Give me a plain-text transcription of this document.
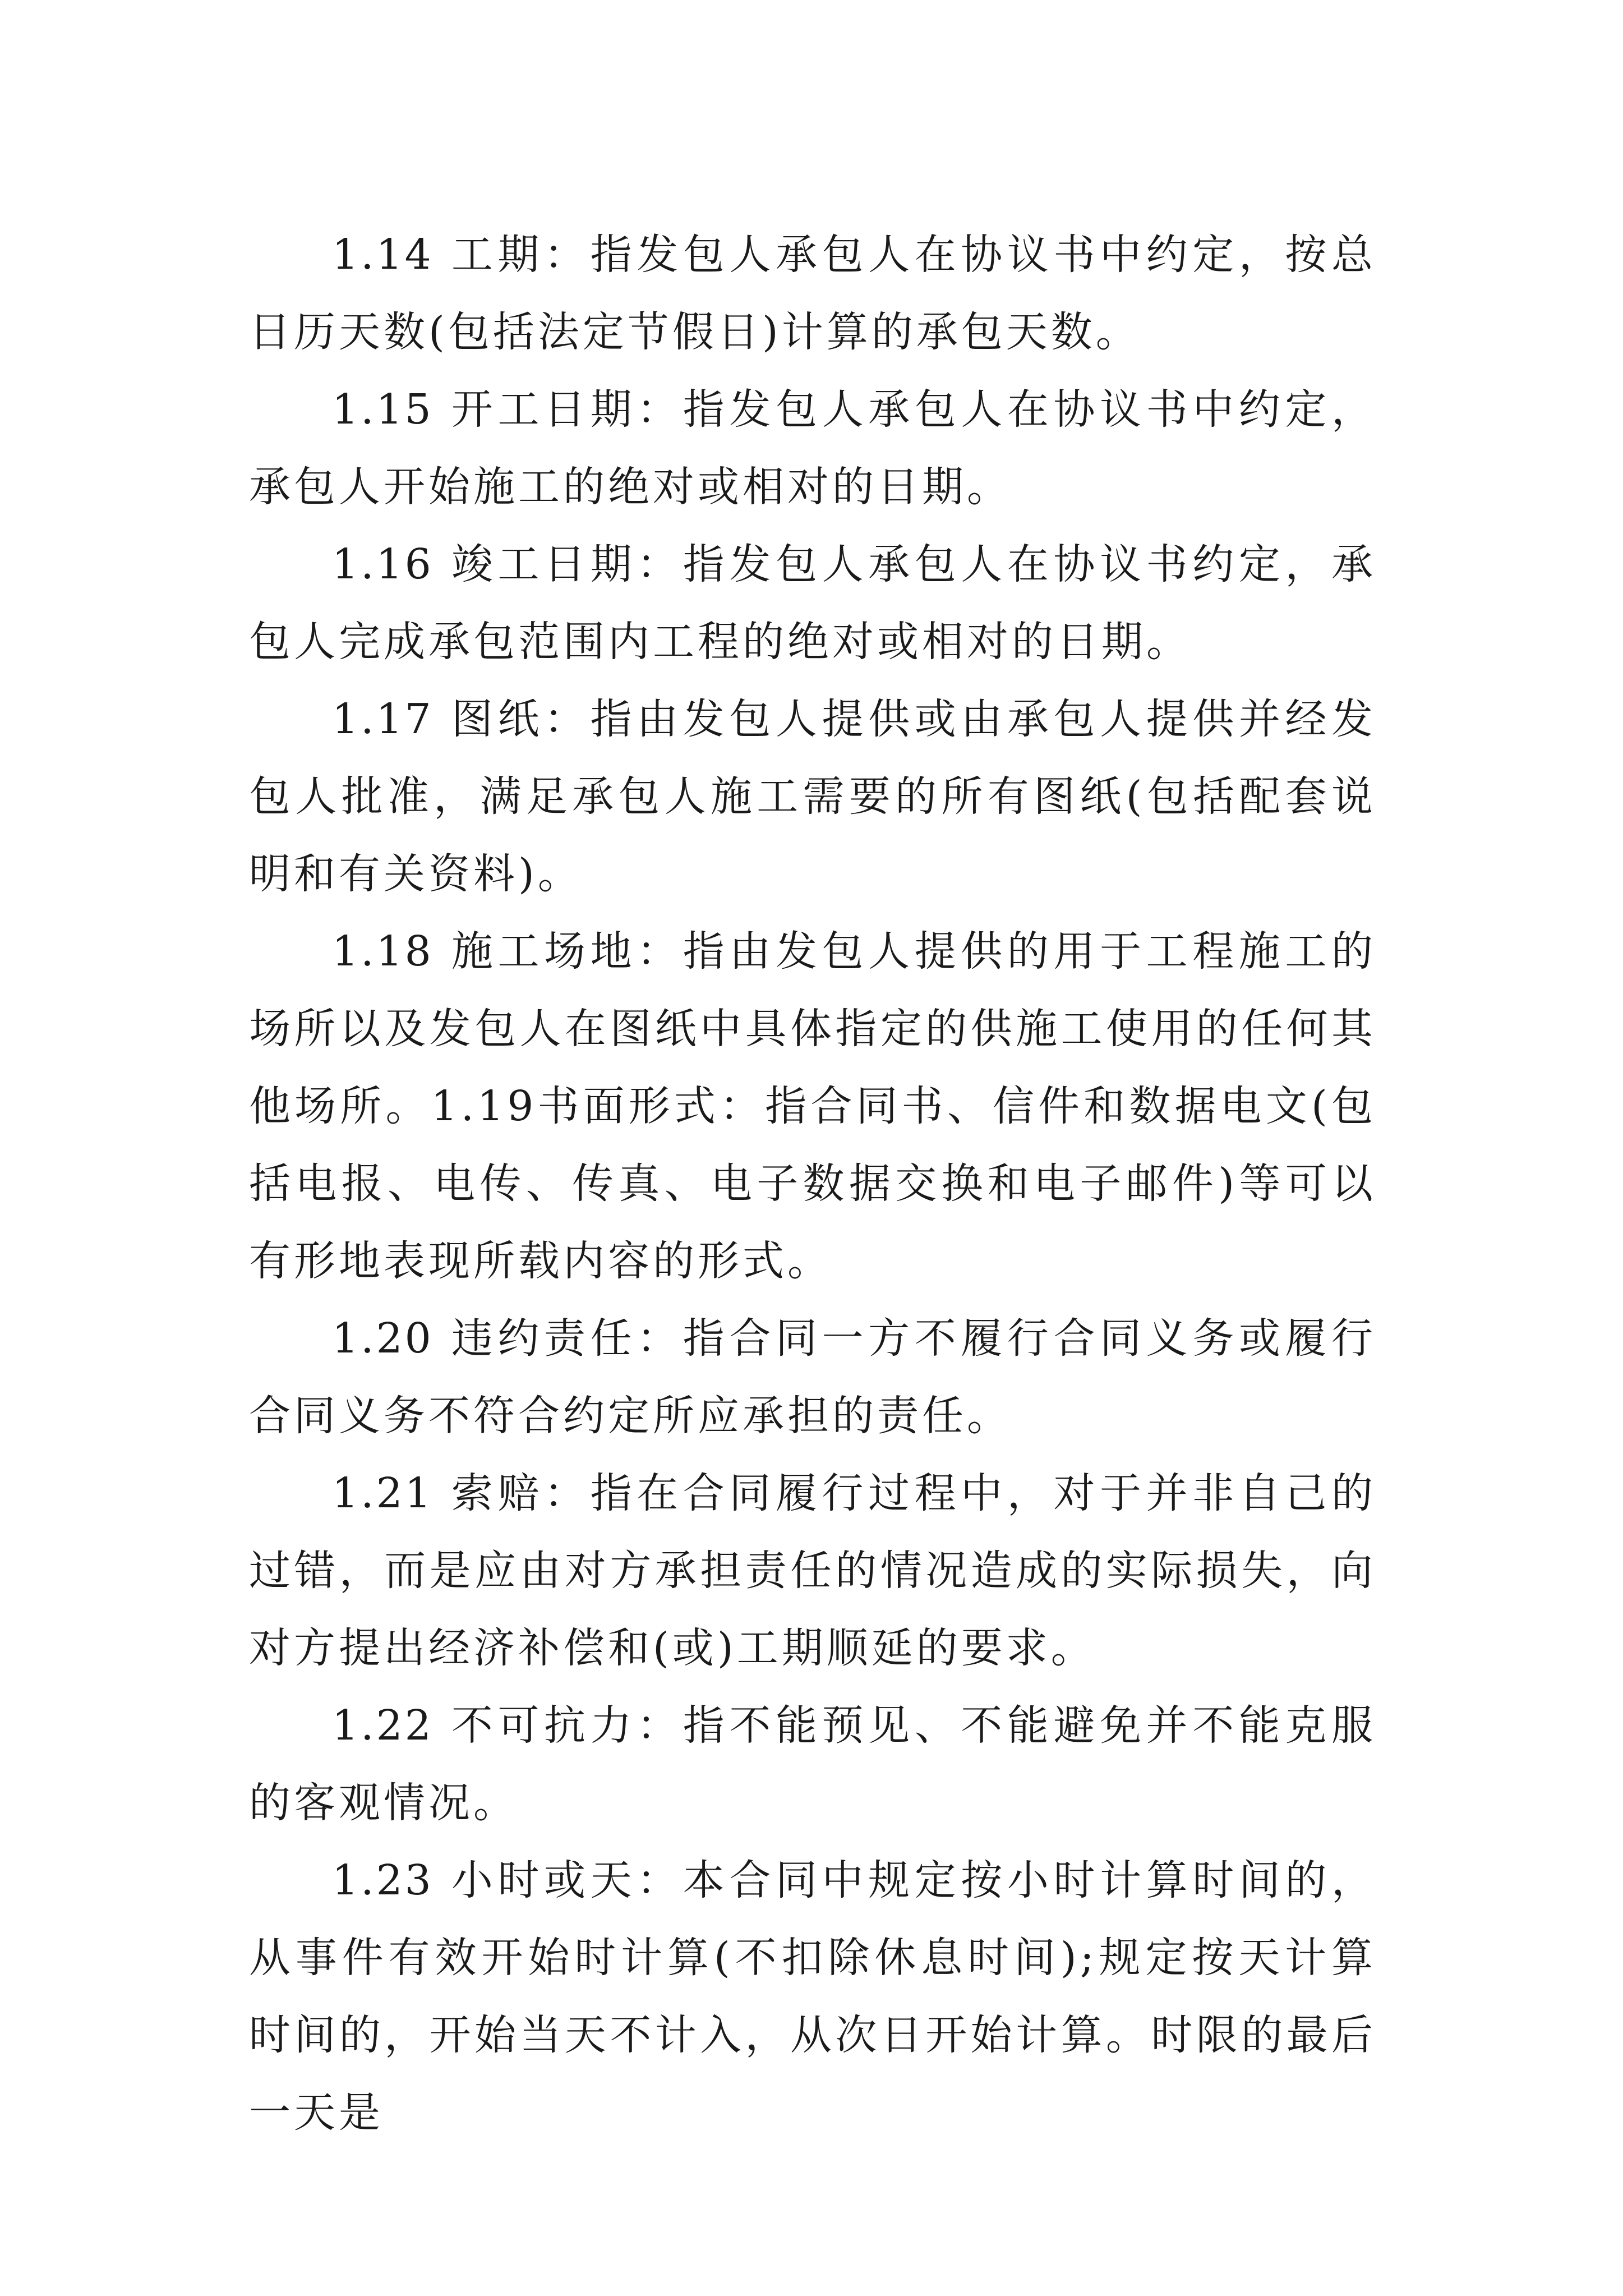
1.14 工期：指发包人承包人在协议书中约定，按总日历天数(包括法定节假日)计算的承包天数。

1.15 开工日期：指发包人承包人在协议书中约定，承包人开始施工的绝对或相对的日期。

1.16 竣工日期：指发包人承包人在协议书约定，承包人完成承包范围内工程的绝对或相对的日期。

1.17 图纸：指由发包人提供或由承包人提供并经发包人批准，满足承包人施工需要的所有图纸(包括配套说明和有关资料)。

1.18 施工场地：指由发包人提供的用于工程施工的场所以及发包人在图纸中具体指定的供施工使用的任何其他场所。1.19书面形式：指合同书、信件和数据电文(包括电报、电传、传真、电子数据交换和电子邮件)等可以有形地表现所载内容的形式。

1.20 违约责任：指合同一方不履行合同义务或履行合同义务不符合约定所应承担的责任。

1.21 索赔：指在合同履行过程中，对于并非自己的过错，而是应由对方承担责任的情况造成的实际损失，向对方提出经济补偿和(或)工期顺延的要求。

1.22 不可抗力：指不能预见、不能避免并不能克服的客观情况。

1.23 小时或天：本合同中规定按小时计算时间的，从事件有效开始时计算(不扣除休息时间);规定按天计算时间的，开始当天不计入，从次日开始计算。时限的最后一天是
